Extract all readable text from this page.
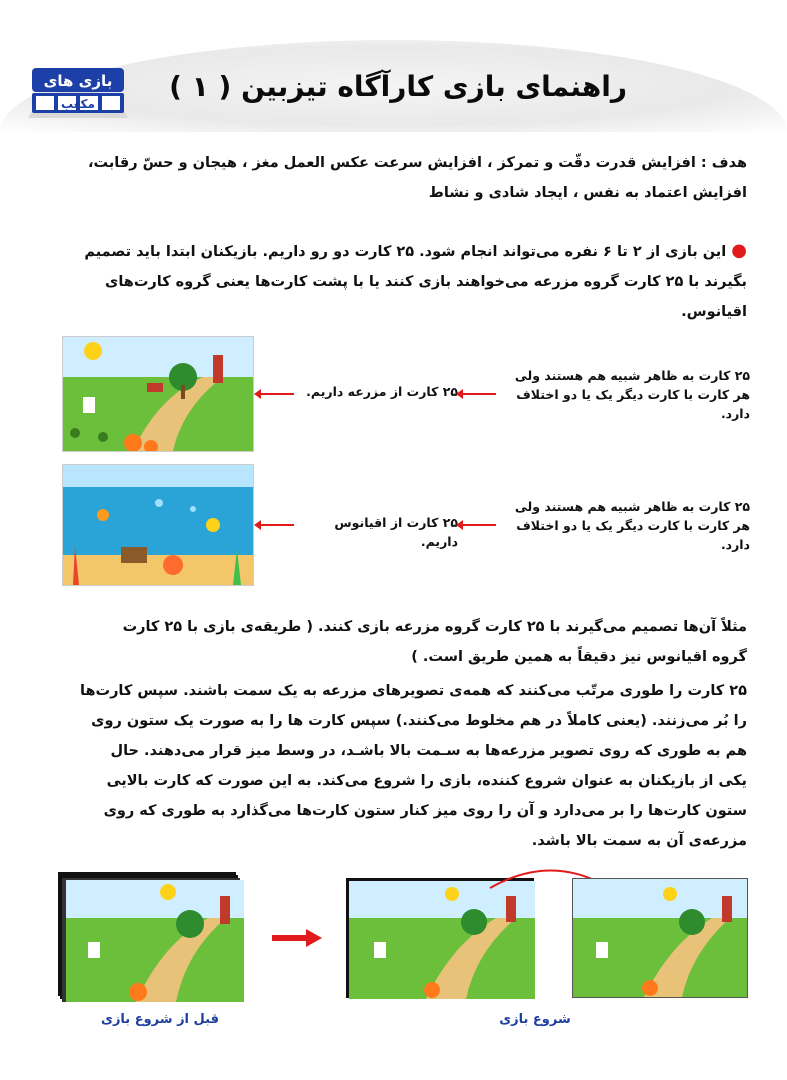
راهنمای بازی کارآگاه تیزبین ( ۱ )
بازی های
مکعب
هدف : افزایش قدرت دقّت و تمرکز ، افزایش سرعت عکس العمل مغز ، هیجان و حسّ رقابت،
افزایش اعتماد به نفس ، ایجاد شادی و نشاط
● این بازی از ۲ تا ۶ نفره می‌تواند انجام شود. ۲۵ کارت دو رو داریم. بازیکنان ابتدا باید تصمیم
بگیرند با ۲۵ کارت گروه مزرعه می‌خواهند بازی کنند یا با پشت کارت‌ها یعنی گروه کارت‌های
اقیانوس.
۲۵ کارت از مزرعه داریم.
۲۵ کارت به ظاهر شبیه هم هستند ولی
هر کارت با کارت دیگر یک یا دو اختلاف
دارد.
۲۵ کارت از اقیانوس داریم.
۲۵ کارت به ظاهر شبیه هم هستند ولی
هر کارت با کارت دیگر یک یا دو اختلاف
دارد.
مثلاً آن‌ها تصمیم می‌گیرند با ۲۵ کارت گروه مزرعه بازی کنند. ( طریقه‌ی بازی با ۲۵ کارت
گروه اقیانوس نیز دقیقاً به همین طریق است. )
۲۵ کارت را طوری مرتّب می‌کنند که همه‌ی تصویرهای مزرعه به یک سمت باشند. سپس کارت‌ها
را بُر می‌زنند. (یعنی کاملاً در هم مخلوط می‌کنند.) سپس کارت ها را به صورت یک ستون روی
هم به طوری که روی تصویر مزرعه‌ها به سـمت بالا باشـد، در وسط میز قرار می‌دهند. حال
یکی از بازیکنان به عنوان شروع کننده، بازی را شروع می‌کند. به این صورت که کارت بالایی
ستون کارت‌ها را بر می‌دارد و آن را روی میز کنار ستون کارت‌ها می‌گذارد به طوری که روی
مزرعه‌ی آن به سمت بالا باشد.
قبل از شروع بازی	شروع بازی
